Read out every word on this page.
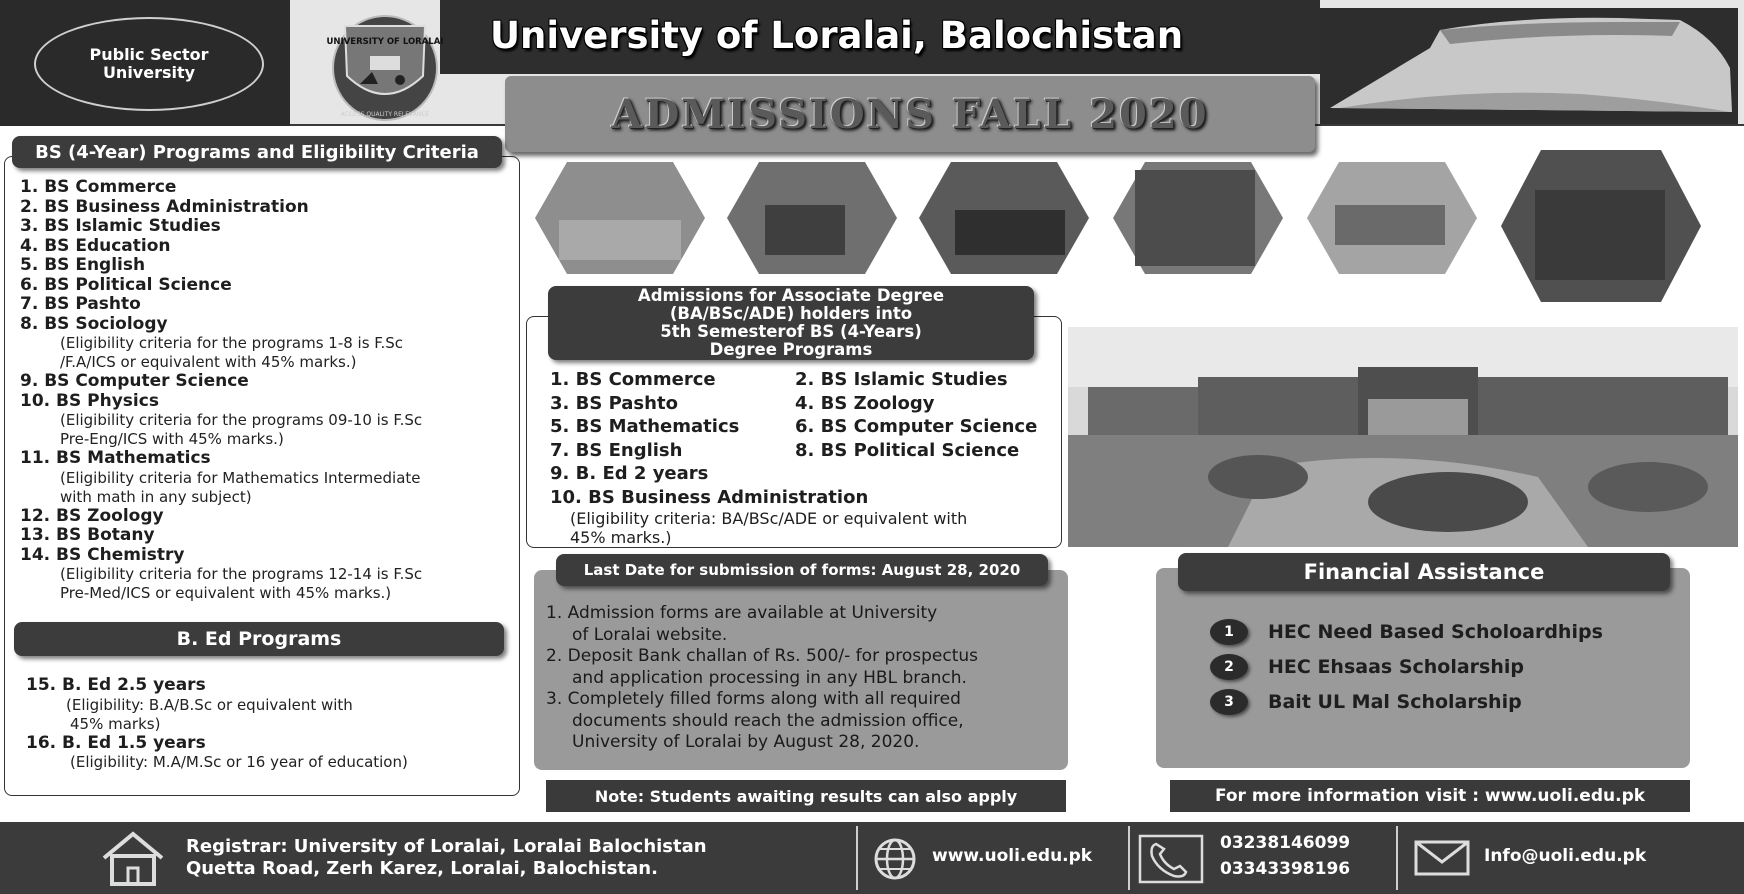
Public Sector University
UNIVERSITY OF LORALAI
ACCESS QUALITY RELEVANCE
University of Loralai, Balochistan
ADMISSIONS FALL 2020
BS (4-Year) Programs and Eligibility Criteria
1. BS Commerce
2. BS Business Administration
3. BS Islamic Studies
4. BS Education
5. BS English
6. BS Political Science
7. BS Pashto
8. BS Sociology
(Eligibility criteria for the programs 1-8 is F.Sc
/F.A/ICS or equivalent with 45% marks.)
9. BS Computer Science
10. BS Physics
(Eligibility criteria for the programs 09-10 is F.Sc
Pre-Eng/ICS with 45% marks.)
11. BS Mathematics
(Eligibility criteria for Mathematics Intermediate
with math in any subject)
12. BS Zoology
13. BS Botany
14. BS Chemistry
(Eligibility criteria for the programs 12-14 is F.Sc
Pre-Med/ICS or equivalent with 45% marks.)
B. Ed Programs
15. B. Ed 2.5 years
(Eligibility: B.A/B.Sc or equivalent with
45% marks)
16. B. Ed 1.5 years
(Eligibility: M.A/M.Sc or 16 year of education)
Admissions for Associate Degree
(BA/BSc/ADE) holders into
5th Semesterof BS (4-Years)
Degree Programs
1. BS Commerce	2. BS Islamic Studies
3. BS Pashto	4. BS Zoology
5. BS Mathematics	6. BS Computer Science
7. BS English	8. BS Political Science
9. B. Ed 2 years
10. BS Business Administration
(Eligibility criteria: BA/BSc/ADE or equivalent with
45% marks.)
Last Date for submission of forms: August 28, 2020
1. Admission forms are available at University
of Loralai website.
2. Deposit Bank challan of Rs. 500/- for prospectus
and application processing in any HBL branch.
3. Completely filled forms along with all required
documents should reach the admission office,
University of Loralai by August 28, 2020.
Note: Students awaiting results can also apply
Financial Assistance
1	HEC Need Based Scholoardhips
2	HEC Ehsaas Scholarship
3	Bait UL Mal Scholarship
For more information visit : www.uoli.edu.pk
Registrar: University of Loralai, Loralai Balochistan
Quetta Road, Zerh Karez, Loralai, Balochistan.
www.uoli.edu.pk
03238146099
03343398196
Info@uoli.edu.pk
